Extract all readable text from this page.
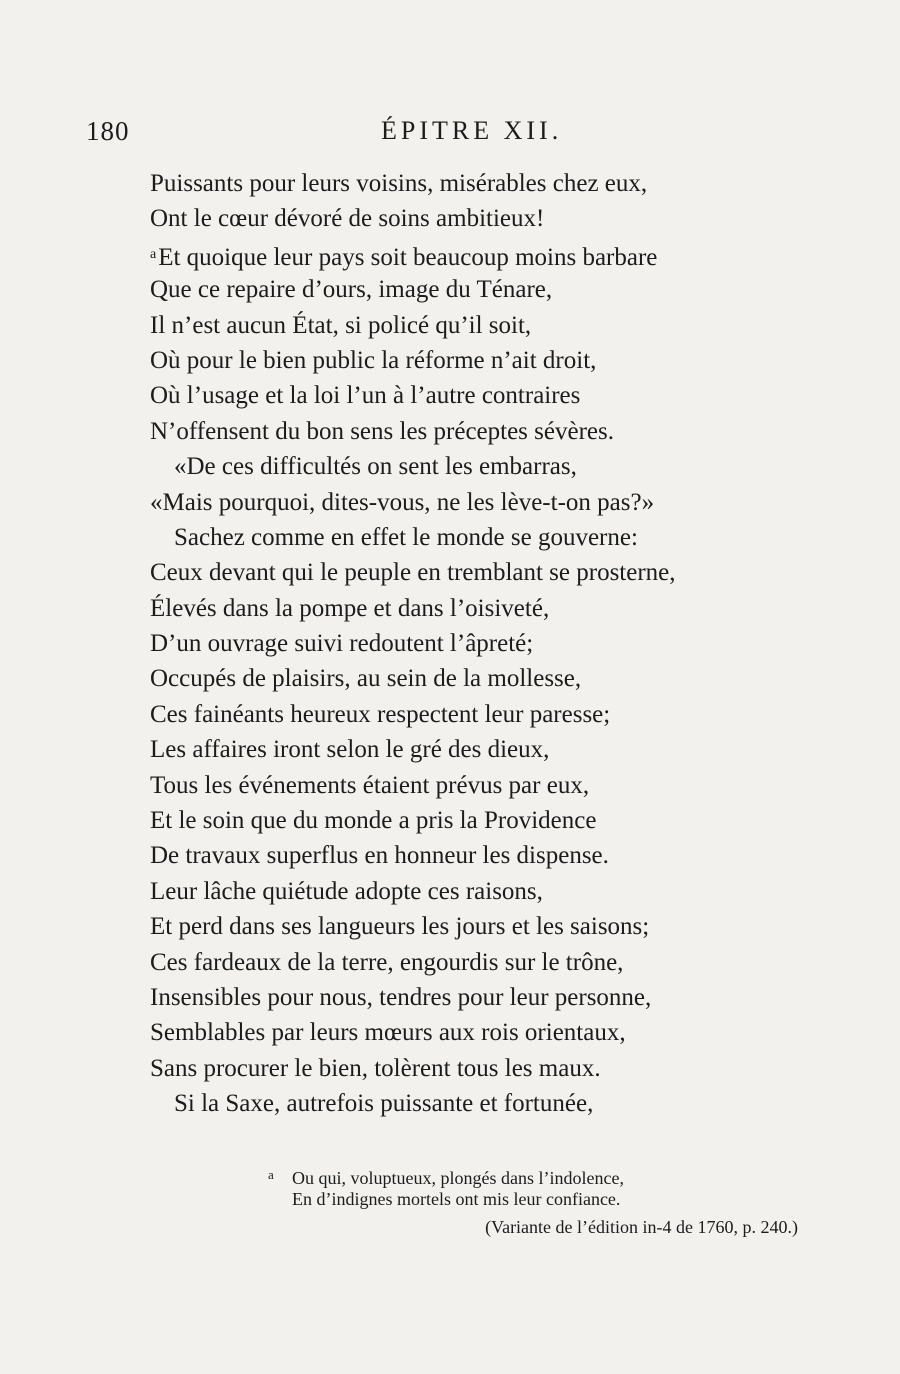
180	ÉPITRE XII.
Puissants pour leurs voisins, misérables chez eux,
Ont le cœur dévoré de soins ambitieux!
$^a$Et quoique leur pays soit beaucoup moins barbare
Que ce repaire d’ours, image du Ténare,
Il n’est aucun État, si policé qu’il soit,
Où pour le bien public la réforme n’ait droit,
Où l’usage et la loi l’un à l’autre contraires
N’offensent du bon sens les préceptes sévères.
«De ces difficultés on sent les embarras,
«Mais pourquoi, dites-vous, ne les lève-t-on pas?»
Sachez comme en effet le monde se gouverne:
Ceux devant qui le peuple en tremblant se prosterne,
Élevés dans la pompe et dans l’oisiveté,
D’un ouvrage suivi redoutent l’âpreté;
Occupés de plaisirs, au sein de la mollesse,
Ces fainéants heureux respectent leur paresse;
Les affaires iront selon le gré des dieux,
Tous les événements étaient prévus par eux,
Et le soin que du monde a pris la Providence
De travaux superflus en honneur les dispense.
Leur lâche quiétude adopte ces raisons,
Et perd dans ses langueurs les jours et les saisons;
Ces fardeaux de la terre, engourdis sur le trône,
Insensibles pour nous, tendres pour leur personne,
Semblables par leurs mœurs aux rois orientaux,
Sans procurer le bien, tolèrent tous les maux.
Si la Saxe, autrefois puissante et fortunée,
a Ou qui, voluptueux, plongés dans l’indolence,
En d’indignes mortels ont mis leur confiance.
(Variante de l’édition in-4 de 1760, p. 240.)
